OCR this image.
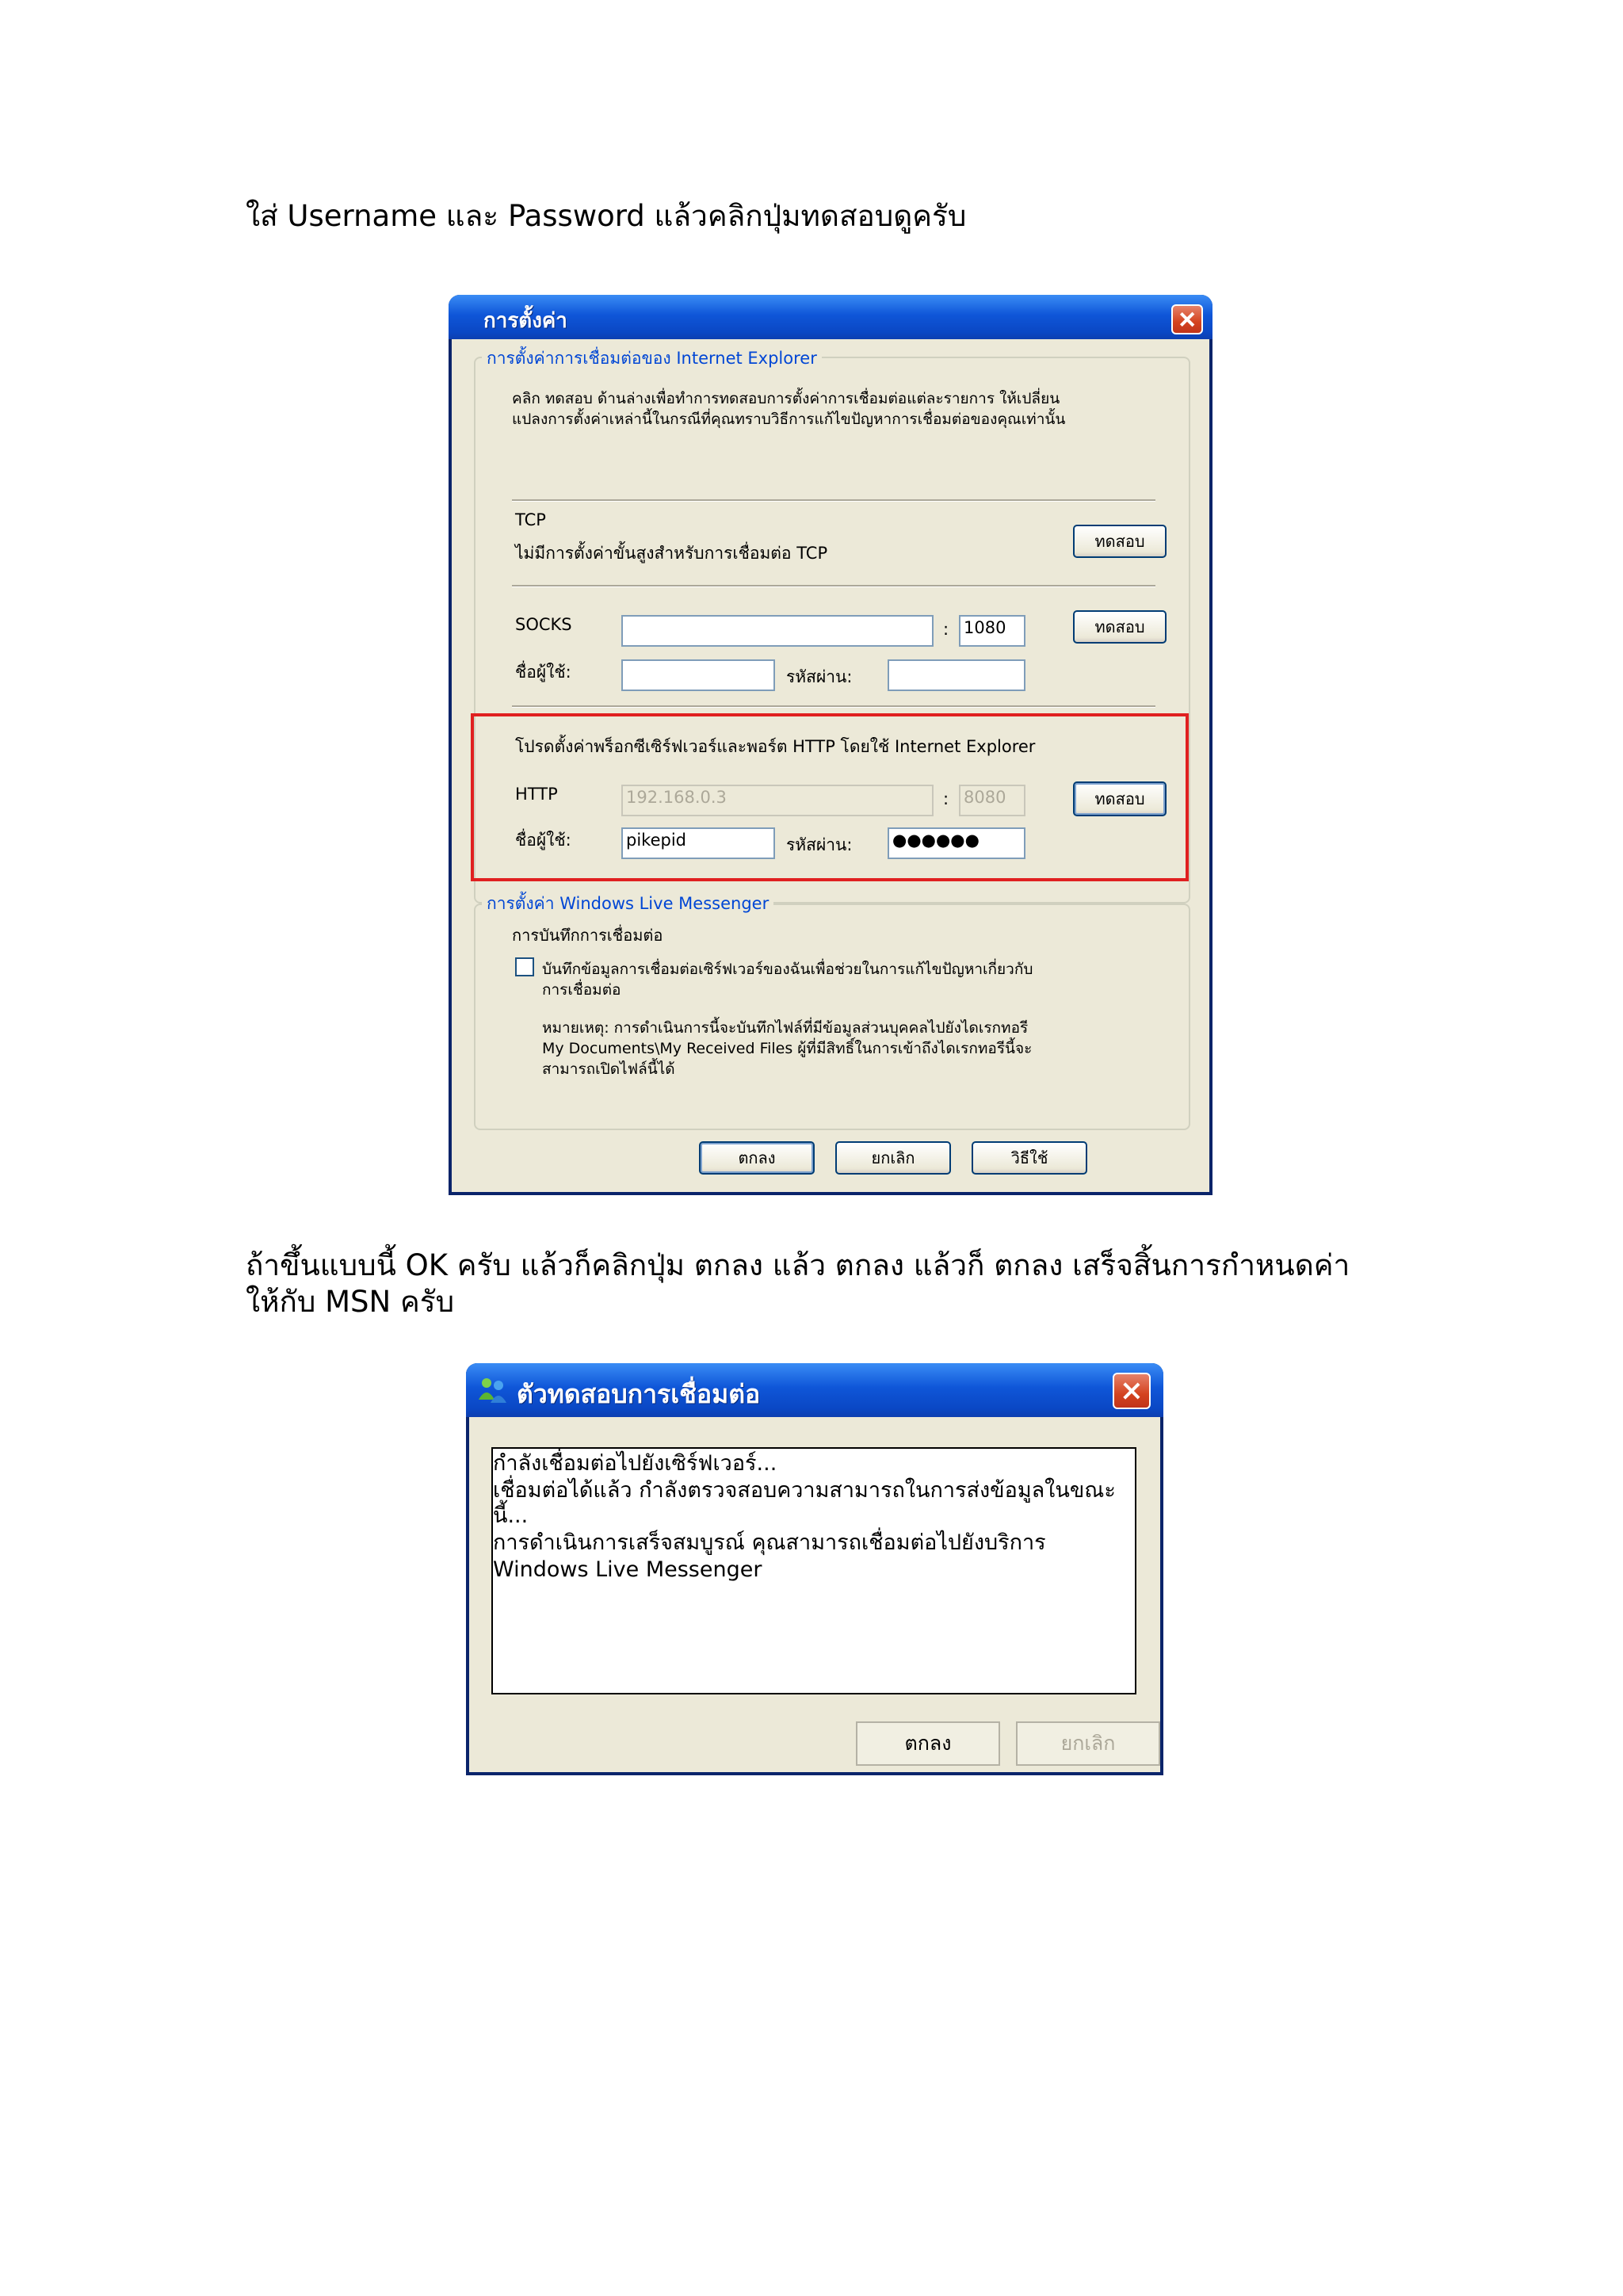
ใส่ Username และ Password แล้วคลิกปุ่มทดสอบดูครับ
การตั้งค่า
การตั้งค่าการเชื่อมต่อของ Internet Explorer
คลิก ทดสอบ ด้านล่างเพื่อทำการทดสอบการตั้งค่าการเชื่อมต่อแต่ละรายการ ให้เปลี่ยน
แปลงการตั้งค่าเหล่านี้ในกรณีที่คุณทราบวิธีการแก้ไขปัญหาการเชื่อมต่อของคุณเท่านั้น
TCP
ไม่มีการตั้งค่าขั้นสูงสำหรับการเชื่อมต่อ TCP
ทดสอบ
SOCKS	: 1080	ทดสอบ
ชื่อผู้ใช้:	รหัสผ่าน:
โปรดตั้งค่าพร็อกซีเซิร์ฟเวอร์และพอร์ต HTTP โดยใช้ Internet Explorer
HTTP	192.168.0.3	: 8080	ทดสอบ
ชื่อผู้ใช้:	pikepid	รหัสผ่าน: ●●●●●●
การตั้งค่า Windows Live Messenger
การบันทึกการเชื่อมต่อ
บันทึกข้อมูลการเชื่อมต่อเซิร์ฟเวอร์ของฉันเพื่อช่วยในการแก้ไขปัญหาเกี่ยวกับ
การเชื่อมต่อ
หมายเหตุ: การดำเนินการนี้จะบันทึกไฟล์ที่มีข้อมูลส่วนบุคคลไปยังไดเรกทอรี
My Documents\My Received Files ผู้ที่มีสิทธิ์ในการเข้าถึงไดเรกทอรีนี้จะ
สามารถเปิดไฟล์นี้ได้
ตกลง	ยกเลิก	วิธีใช้
ถ้าขึ้นแบบนี้ OK ครับ แล้วก็คลิกปุ่ม ตกลง แล้ว ตกลง แล้วก็ ตกลง เสร็จสิ้นการกำหนดค่า
ให้กับ MSN ครับ
ตัวทดสอบการเชื่อมต่อ
กำลังเชื่อมต่อไปยังเซิร์ฟเวอร์...
เชื่อมต่อได้แล้ว กำลังตรวจสอบความสามารถในการส่งข้อมูลในขณะ
นี้...
การดำเนินการเสร็จสมบูรณ์ คุณสามารถเชื่อมต่อไปยังบริการ
Windows Live Messenger
ตกลง	ยกเลิก
